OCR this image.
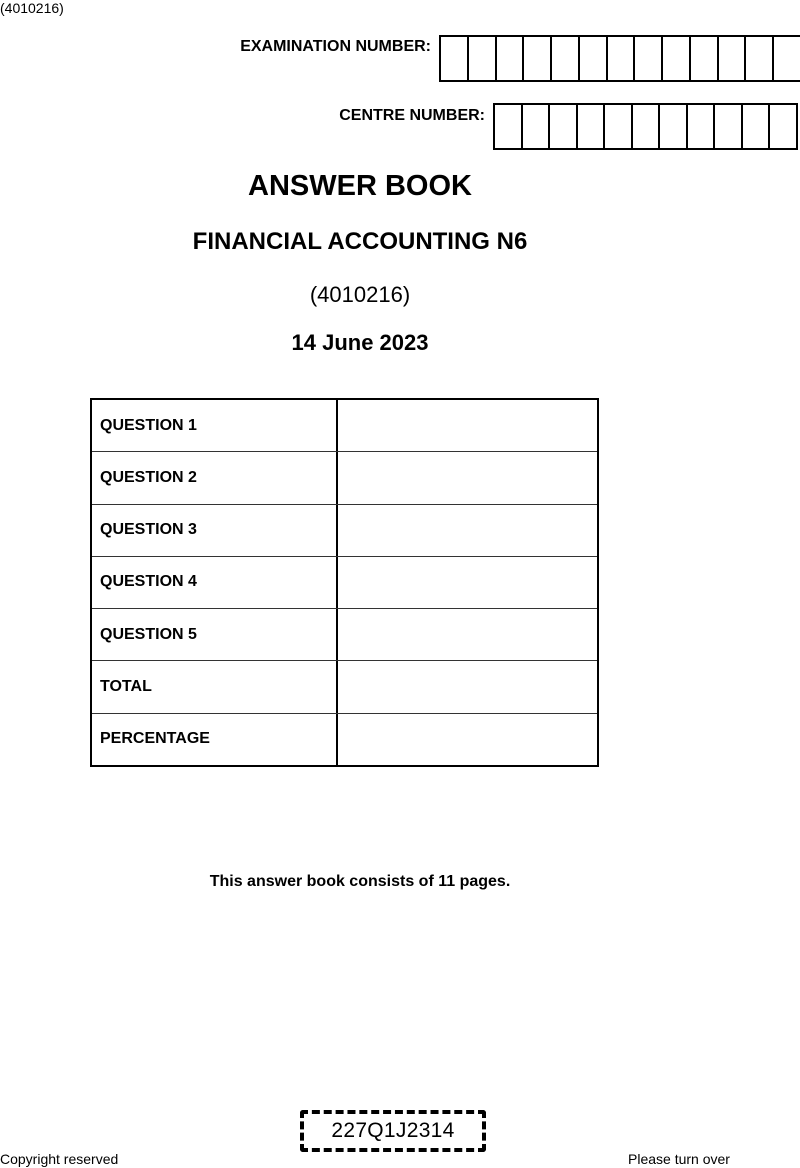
(4010216)
EXAMINATION NUMBER:
CENTRE NUMBER:
ANSWER BOOK
FINANCIAL ACCOUNTING N6
(4010216)
14 June 2023
QUESTION 1
QUESTION 2
QUESTION 3
QUESTION 4
QUESTION 5
TOTAL
PERCENTAGE
This answer book consists of 11 pages.
227Q1J2314
Copyright reserved	Please turn over
